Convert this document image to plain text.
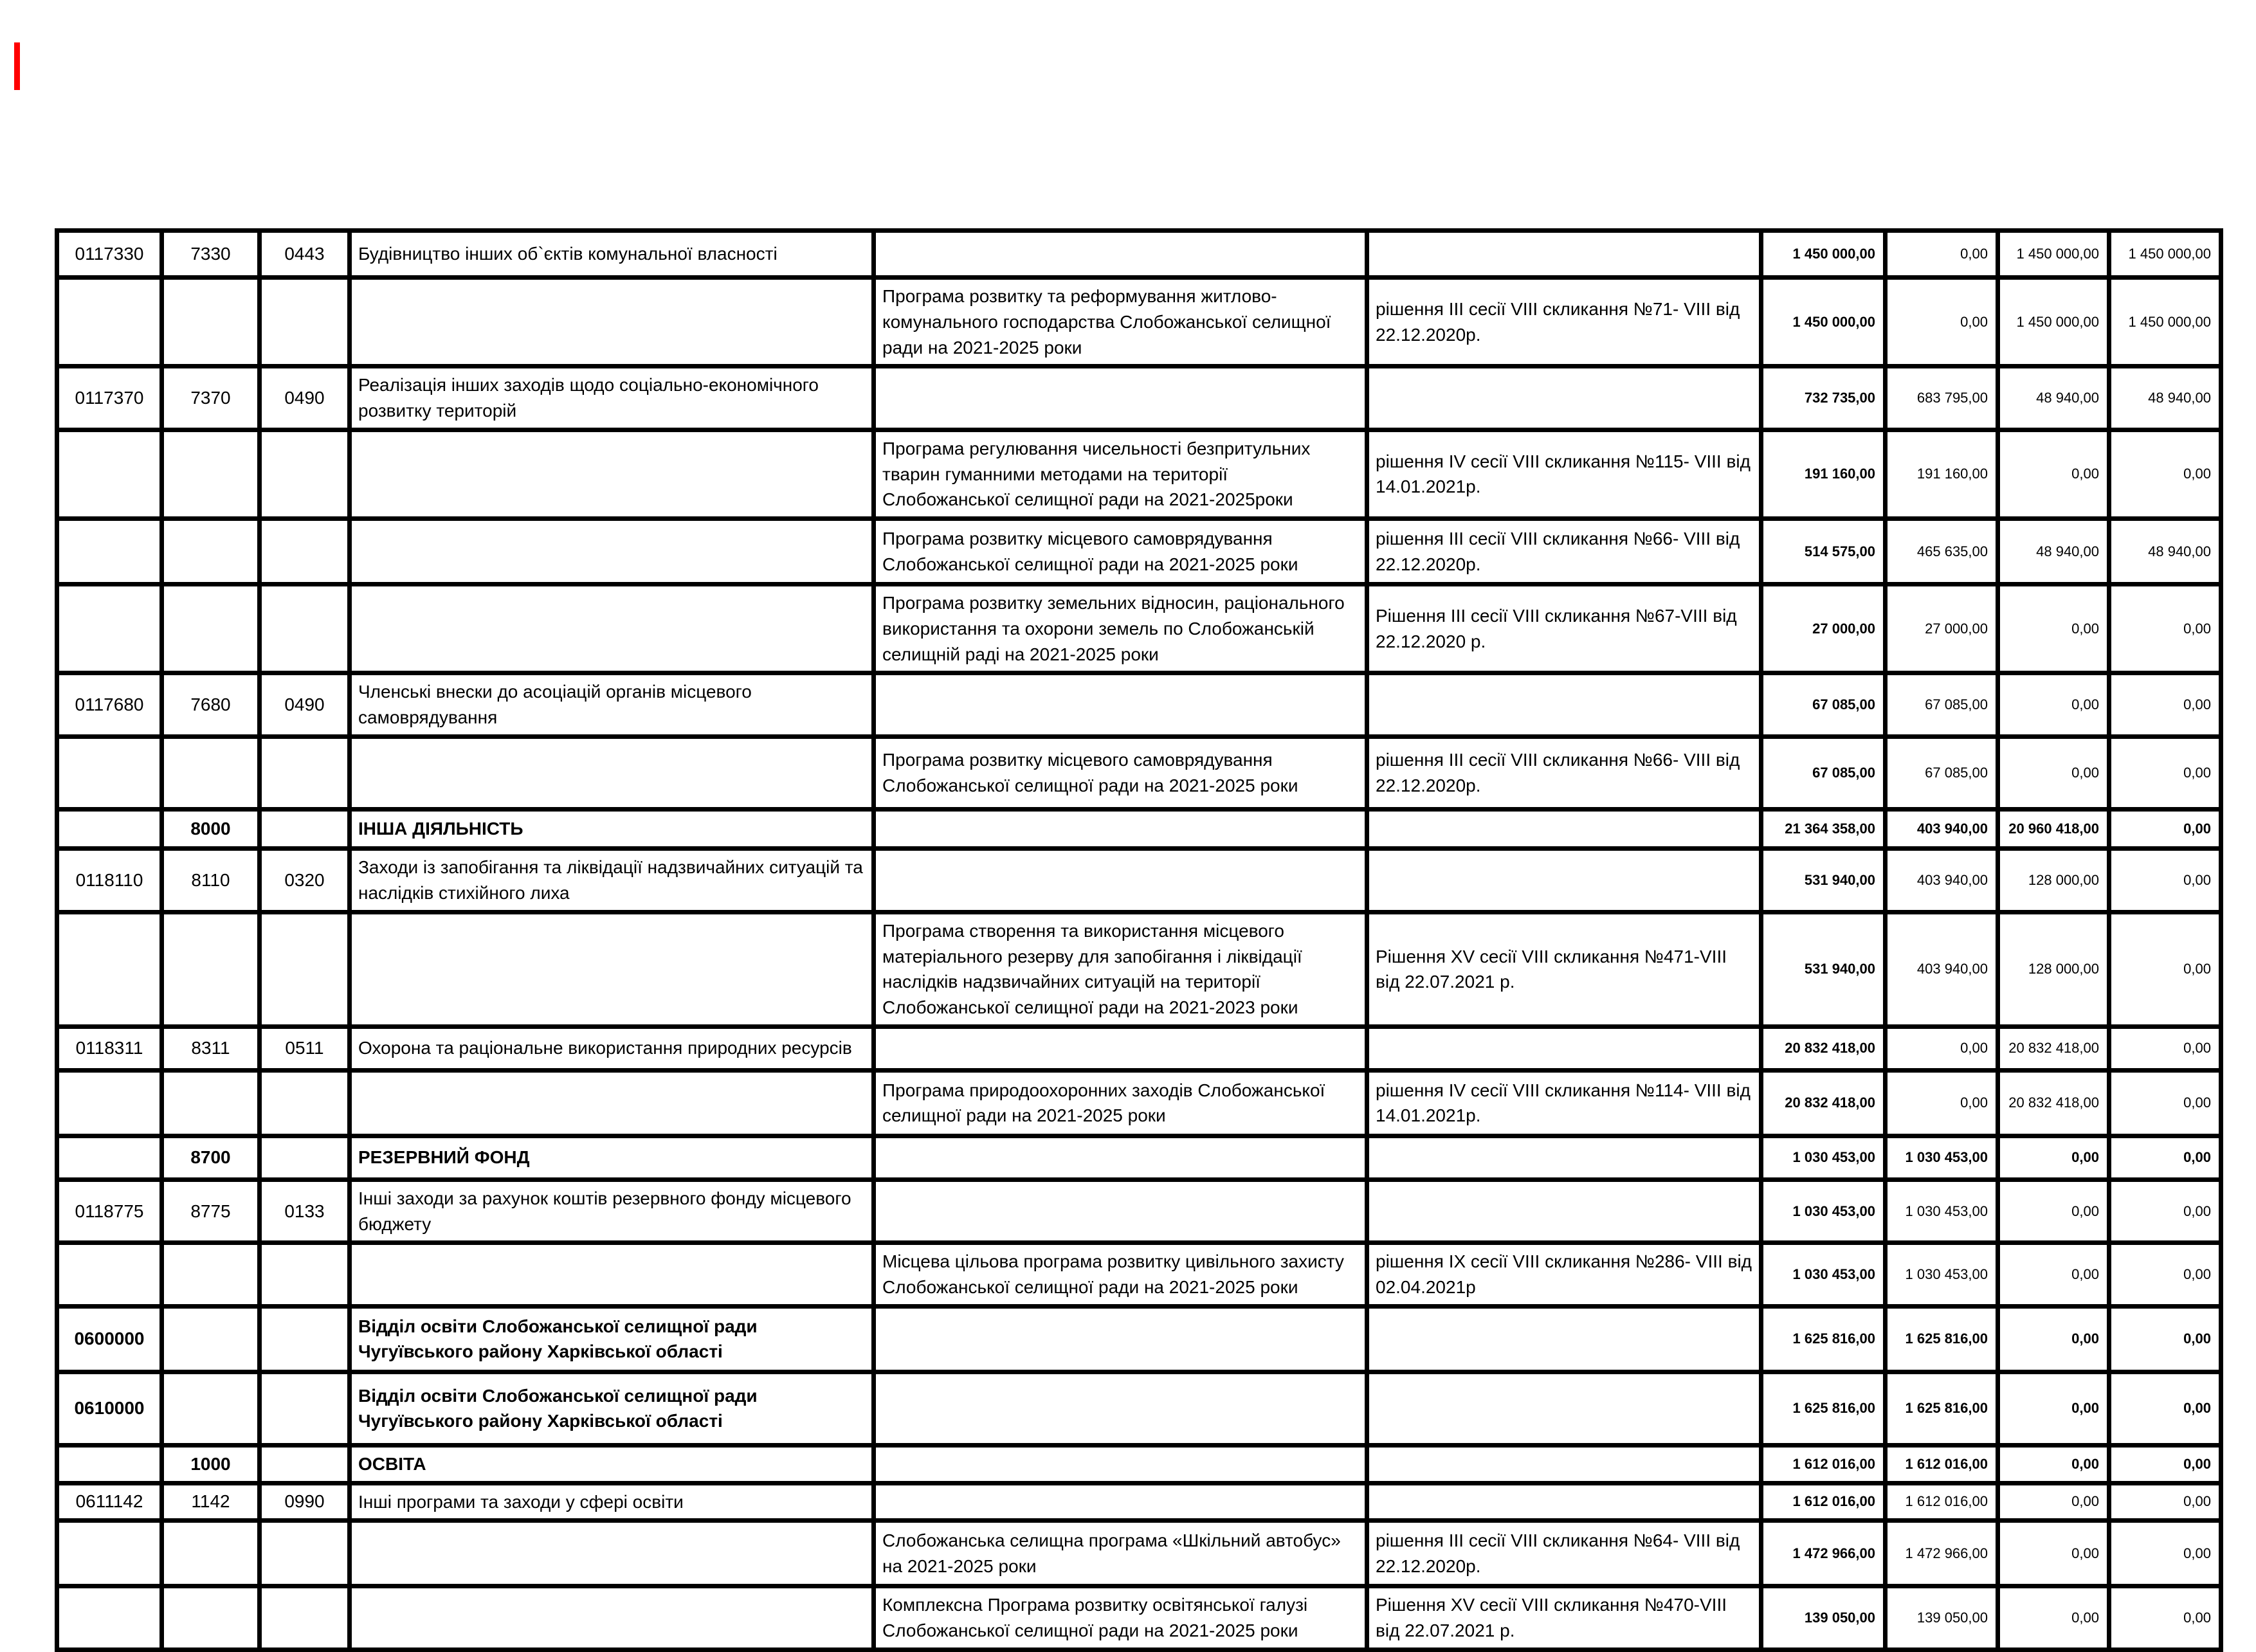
0117330	7330	0443	Будівництво інших об`єктів комунальної власності			1 450 000,00	0,00	1 450 000,00	1 450 000,00
				Програма розвитку та реформування житлово-комунального господарства Слобожанської селищної ради на 2021-2025 роки	рішення III сесії VIII скликання №71- VIII від 22.12.2020р.	1 450 000,00	0,00	1 450 000,00	1 450 000,00
0117370	7370	0490	Реалізація інших заходів щодо соціально-економічного розвитку територій			732 735,00	683 795,00	48 940,00	48 940,00
				Програма регулювання чисельності безпритульних тварин гуманними методами на території Слобожанської селищної ради на 2021-2025роки	рішення IV сесії VIII скликання №115- VIII від 14.01.2021р.	191 160,00	191 160,00	0,00	0,00
				Програма розвитку місцевого самоврядування Слобожанської селищної ради на 2021-2025 роки	рішення III сесії VIII скликання №66- VIII від 22.12.2020р.	514 575,00	465 635,00	48 940,00	48 940,00
				Програма розвитку земельних відносин, раціонального використання та охорони земель по Слобожанській селищній раді на 2021-2025 роки	Рішення III сесії VIII скликання №67-VIII від 22.12.2020 р.	27 000,00	27 000,00	0,00	0,00
0117680	7680	0490	Членські внески до асоціацій органів місцевого самоврядування			67 085,00	67 085,00	0,00	0,00
				Програма розвитку місцевого самоврядування Слобожанської селищної ради на 2021-2025 роки	рішення III сесії VIII скликання №66- VIII від 22.12.2020р.	67 085,00	67 085,00	0,00	0,00
	8000		ІНША ДІЯЛЬНІСТЬ			21 364 358,00	403 940,00	20 960 418,00	0,00
0118110	8110	0320	Заходи із запобігання та ліквідації надзвичайних ситуацій та наслідків стихійного лиха			531 940,00	403 940,00	128 000,00	0,00
				Програма створення та використання місцевого матеріального резерву для запобігання і ліквідації наслідків надзвичайних ситуацій на території Слобожанської селищної ради на 2021-2023 роки	Рішення XV сесії VIII скликання №471-VIII від 22.07.2021 р.	531 940,00	403 940,00	128 000,00	0,00
0118311	8311	0511	Охорона та раціональне використання природних ресурсів			20 832 418,00	0,00	20 832 418,00	0,00
				Програма природоохоронних заходів Слобожанської селищної ради на 2021-2025 роки	рішення IV сесії VIII скликання №114- VIII від 14.01.2021р.	20 832 418,00	0,00	20 832 418,00	0,00
	8700		РЕЗЕРВНИЙ ФОНД			1 030 453,00	1 030 453,00	0,00	0,00
0118775	8775	0133	Інші заходи за рахунок коштів резервного фонду місцевого бюджету			1 030 453,00	1 030 453,00	0,00	0,00
				Місцева цільова програма розвитку цивільного захисту Слобожанської селищної ради на 2021-2025 роки	рішення IX сесії VIII скликання №286- VIII від 02.04.2021р	1 030 453,00	1 030 453,00	0,00	0,00
0600000			Відділ освіти Слобожанської селищної ради Чугуївського району Харківської області			1 625 816,00	1 625 816,00	0,00	0,00
0610000			Відділ освіти Слобожанської селищної ради Чугуївського району Харківської області			1 625 816,00	1 625 816,00	0,00	0,00
	1000		ОСВІТА			1 612 016,00	1 612 016,00	0,00	0,00
0611142	1142	0990	Інші програми та заходи у сфері освіти			1 612 016,00	1 612 016,00	0,00	0,00
				Слобожанська селищна програма «Шкільний автобус» на 2021-2025 роки	рішення III сесії VIII скликання №64- VIII від 22.12.2020р.	1 472 966,00	1 472 966,00	0,00	0,00
				Комплексна Програма розвитку освітянської галузі Слобожанської селищної ради на 2021-2025 роки	Рішення XV сесії VIII скликання №470-VIII від 22.07.2021 р.	139 050,00	139 050,00	0,00	0,00
